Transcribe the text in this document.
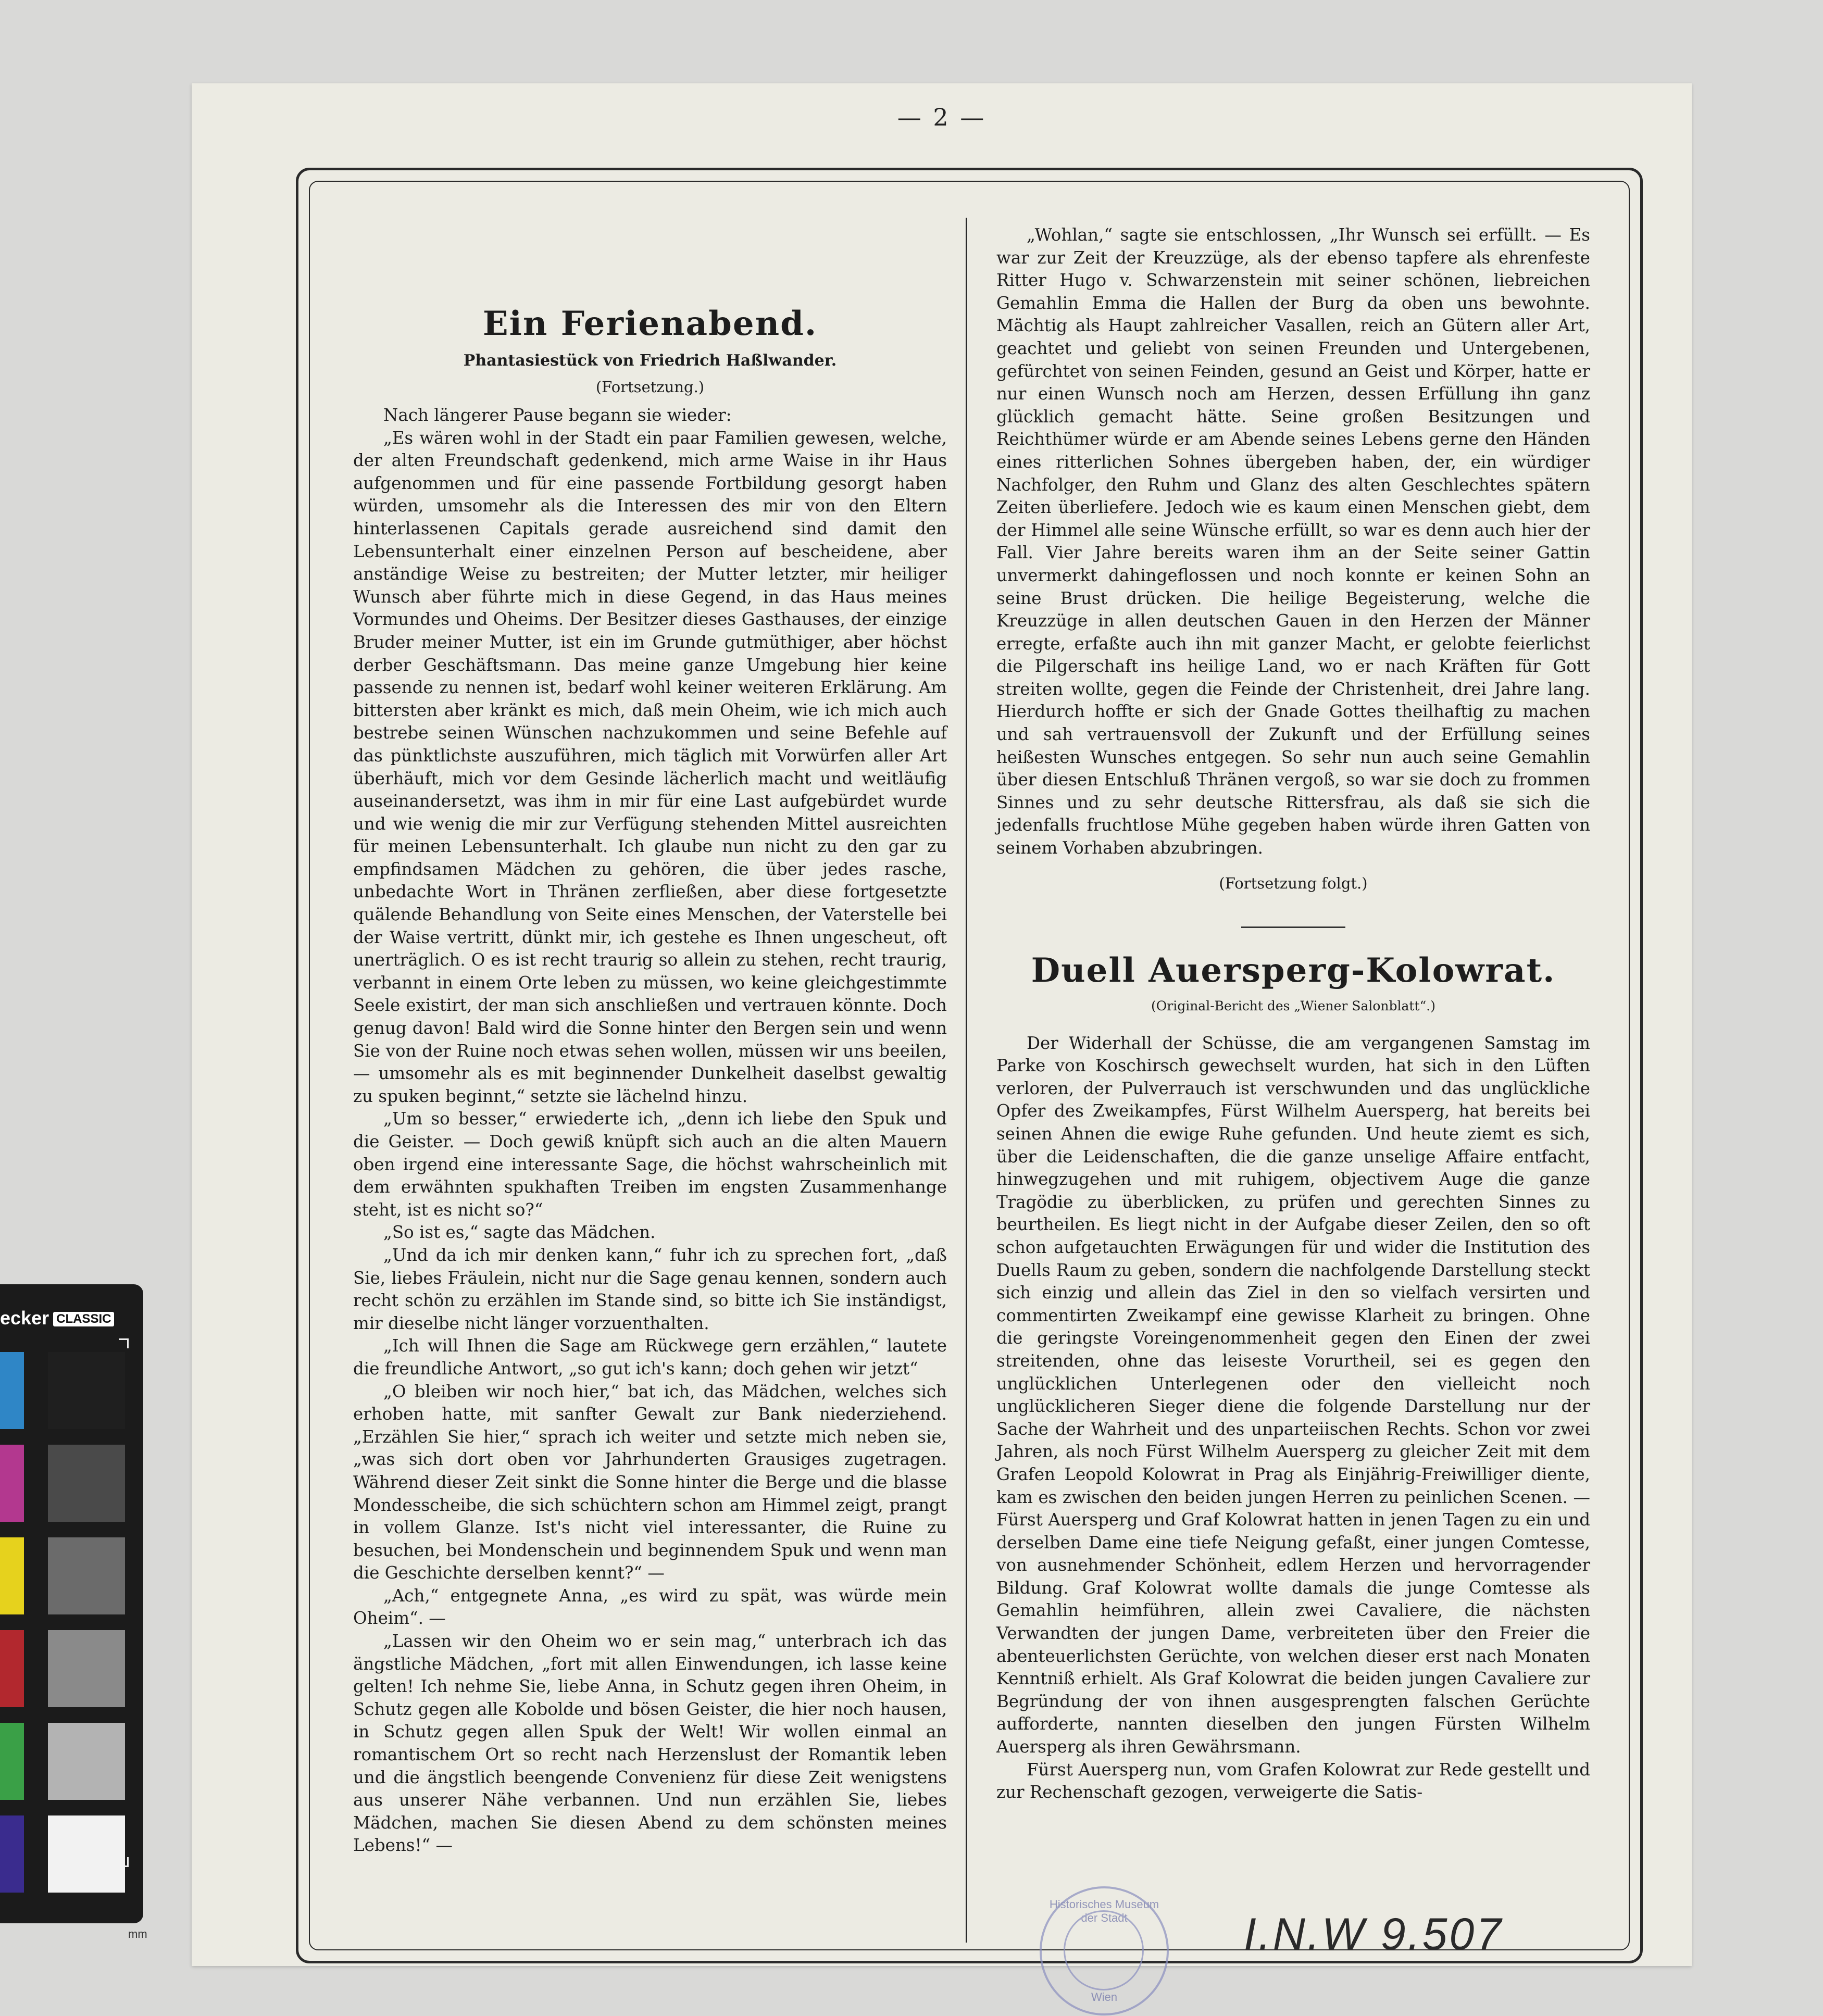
— 2 —
Ein Ferienabend.
Phantasiestück von Friedrich Haßlwander.
(Fortsetzung.)

Nach längerer Pause begann sie wieder:

„Es wären wohl in der Stadt ein paar Familien gewesen, welche, der alten Freundschaft gedenkend, mich arme Waise in ihr Haus aufgenommen und für eine passende Fortbildung gesorgt haben würden, umsomehr als die Interessen des mir von den Eltern hinterlassenen Capitals gerade ausreichend sind damit den Lebensunterhalt einer einzelnen Person auf bescheidene, aber anständige Weise zu bestreiten; der Mutter letzter, mir heiliger Wunsch aber führte mich in diese Gegend, in das Haus meines Vormundes und Oheims. Der Besitzer dieses Gasthauses, der einzige Bruder meiner Mutter, ist ein im Grunde gutmüthiger, aber höchst derber Geschäftsmann. Das meine ganze Umgebung hier keine passende zu nennen ist, bedarf wohl keiner weiteren Erklärung. Am bittersten aber kränkt es mich, daß mein Oheim, wie ich mich auch bestrebe seinen Wünschen nachzukommen und seine Befehle auf das pünktlichste auszuführen, mich täglich mit Vorwürfen aller Art überhäuft, mich vor dem Gesinde lächerlich macht und weitläufig auseinandersetzt, was ihm in mir für eine Last aufgebürdet wurde und wie wenig die mir zur Verfügung stehenden Mittel ausreichten für meinen Lebensunterhalt. Ich glaube nun nicht zu den gar zu empfindsamen Mädchen zu gehören, die über jedes rasche, unbedachte Wort in Thränen zerfließen, aber diese fortgesetzte quälende Behandlung von Seite eines Menschen, der Vaterstelle bei der Waise vertritt, dünkt mir, ich gestehe es Ihnen ungescheut, oft unerträglich. O es ist recht traurig so allein zu stehen, recht traurig, verbannt in einem Orte leben zu müssen, wo keine gleichgestimmte Seele existirt, der man sich anschließen und vertrauen könnte. Doch genug davon! Bald wird die Sonne hinter den Bergen sein und wenn Sie von der Ruine noch etwas sehen wollen, müssen wir uns beeilen, — umsomehr als es mit beginnender Dunkelheit daselbst gewaltig zu spuken beginnt,“ setzte sie lächelnd hinzu.

„Um so besser,“ erwiederte ich, „denn ich liebe den Spuk und die Geister. — Doch gewiß knüpft sich auch an die alten Mauern oben irgend eine interessante Sage, die höchst wahrscheinlich mit dem erwähnten spukhaften Treiben im engsten Zusammenhange steht, ist es nicht so?“

„So ist es,“ sagte das Mädchen.

„Und da ich mir denken kann,“ fuhr ich zu sprechen fort, „daß Sie, liebes Fräulein, nicht nur die Sage genau kennen, sondern auch recht schön zu erzählen im Stande sind, so bitte ich Sie inständigst, mir dieselbe nicht länger vorzuenthalten.

„Ich will Ihnen die Sage am Rückwege gern erzählen,“ lautete die freundliche Antwort, „so gut ich's kann; doch gehen wir jetzt“

„O bleiben wir noch hier,“ bat ich, das Mädchen, welches sich erhoben hatte, mit sanfter Gewalt zur Bank niederziehend. „Erzählen Sie hier,“ sprach ich weiter und setzte mich neben sie, „was sich dort oben vor Jahrhunderten Grausiges zugetragen. Während dieser Zeit sinkt die Sonne hinter die Berge und die blasse Mondesscheibe, die sich schüchtern schon am Himmel zeigt, prangt in vollem Glanze. Ist's nicht viel interessanter, die Ruine zu besuchen, bei Mondenschein und beginnendem Spuk und wenn man die Geschichte derselben kennt?“ —

„Ach,“ entgegnete Anna, „es wird zu spät, was würde mein Oheim“. —

„Lassen wir den Oheim wo er sein mag,“ unterbrach ich das ängstliche Mädchen, „fort mit allen Einwendungen, ich lasse keine gelten! Ich nehme Sie, liebe Anna, in Schutz gegen ihren Oheim, in Schutz gegen alle Kobolde und bösen Geister, die hier noch hausen, in Schutz gegen allen Spuk der Welt! Wir wollen einmal an romantischem Ort so recht nach Herzenslust der Romantik leben und die ängstlich beengende Convenienz für diese Zeit wenigstens aus unserer Nähe verbannen. Und nun erzählen Sie, liebes Mädchen, machen Sie diesen Abend zu dem schönsten meines Lebens!“ —

„Wohlan,“ sagte sie entschlossen, „Ihr Wunsch sei erfüllt. — Es war zur Zeit der Kreuzzüge, als der ebenso tapfere als ehrenfeste Ritter Hugo v. Schwarzenstein mit seiner schönen, liebreichen Gemahlin Emma die Hallen der Burg da oben uns bewohnte. Mächtig als Haupt zahlreicher Vasallen, reich an Gütern aller Art, geachtet und geliebt von seinen Freunden und Untergebenen, gefürchtet von seinen Feinden, gesund an Geist und Körper, hatte er nur einen Wunsch noch am Herzen, dessen Erfüllung ihn ganz glücklich gemacht hätte. Seine großen Besitzungen und Reichthümer würde er am Abende seines Lebens gerne den Händen eines ritterlichen Sohnes übergeben haben, der, ein würdiger Nachfolger, den Ruhm und Glanz des alten Geschlechtes spätern Zeiten überliefere. Jedoch wie es kaum einen Menschen giebt, dem der Himmel alle seine Wünsche erfüllt, so war es denn auch hier der Fall. Vier Jahre bereits waren ihm an der Seite seiner Gattin unvermerkt dahingeflossen und noch konnte er keinen Sohn an seine Brust drücken. Die heilige Begeisterung, welche die Kreuzzüge in allen deutschen Gauen in den Herzen der Männer erregte, erfaßte auch ihn mit ganzer Macht, er gelobte feierlichst die Pilgerschaft ins heilige Land, wo er nach Kräften für Gott streiten wollte, gegen die Feinde der Christenheit, drei Jahre lang. Hierdurch hoffte er sich der Gnade Gottes theilhaftig zu machen und sah vertrauensvoll der Zukunft und der Erfüllung seines heißesten Wunsches entgegen. So sehr nun auch seine Gemahlin über diesen Entschluß Thränen vergoß, so war sie doch zu frommen Sinnes und zu sehr deutsche Rittersfrau, als daß sie sich die jedenfalls fruchtlose Mühe gegeben haben würde ihren Gatten von seinem Vorhaben abzubringen.

(Fortsetzung folgt.)
Duell Auersperg-Kolowrat.
(Original-Bericht des „Wiener Salonblatt“.)

Der Widerhall der Schüsse, die am vergangenen Samstag im Parke von Koschirsch gewechselt wurden, hat sich in den Lüften verloren, der Pulverrauch ist verschwunden und das unglückliche Opfer des Zweikampfes, Fürst Wilhelm Auersperg, hat bereits bei seinen Ahnen die ewige Ruhe gefunden. Und heute ziemt es sich, über die Leidenschaften, die die ganze unselige Affaire entfacht, hinwegzugehen und mit ruhigem, objectivem Auge die ganze Tragödie zu überblicken, zu prüfen und gerechten Sinnes zu beurtheilen. Es liegt nicht in der Aufgabe dieser Zeilen, den so oft schon aufgetauchten Erwägungen für und wider die Institution des Duells Raum zu geben, sondern die nachfolgende Darstellung steckt sich einzig und allein das Ziel in den so vielfach versirten und commentirten Zweikampf eine gewisse Klarheit zu bringen. Ohne die geringste Voreingenommenheit gegen den Einen der zwei streitenden, ohne das leiseste Vorurtheil, sei es gegen den unglücklichen Unterlegenen oder den vielleicht noch unglücklicheren Sieger diene die folgende Darstellung nur der Sache der Wahrheit und des unparteiischen Rechts. Schon vor zwei Jahren, als noch Fürst Wilhelm Auersperg zu gleicher Zeit mit dem Grafen Leopold Kolowrat in Prag als Einjährig-Freiwilliger diente, kam es zwischen den beiden jungen Herren zu peinlichen Scenen. — Fürst Auersperg und Graf Kolowrat hatten in jenen Tagen zu ein und derselben Dame eine tiefe Neigung gefaßt, einer jungen Comtesse, von ausnehmender Schönheit, edlem Herzen und hervorragender Bildung. Graf Kolowrat wollte damals die junge Comtesse als Gemahlin heimführen, allein zwei Cavaliere, die nächsten Verwandten der jungen Dame, verbreiteten über den Freier die abenteuerlichsten Gerüchte, von welchen dieser erst nach Monaten Kenntniß erhielt. Als Graf Kolowrat die beiden jungen Cavaliere zur Begründung der von ihnen ausgesprengten falschen Gerüchte aufforderte, nannten dieselben den jungen Fürsten Wilhelm Auersperg als ihren Gewährsmann.

Fürst Auersperg nun, vom Grafen Kolowrat zur Rede gestellt und zur Rechenschaft gezogen, verweigerte die Satis-

Historisches Museum der Stadt
Wien
I.N.W 9.507
ecker CLASSIC
mm
